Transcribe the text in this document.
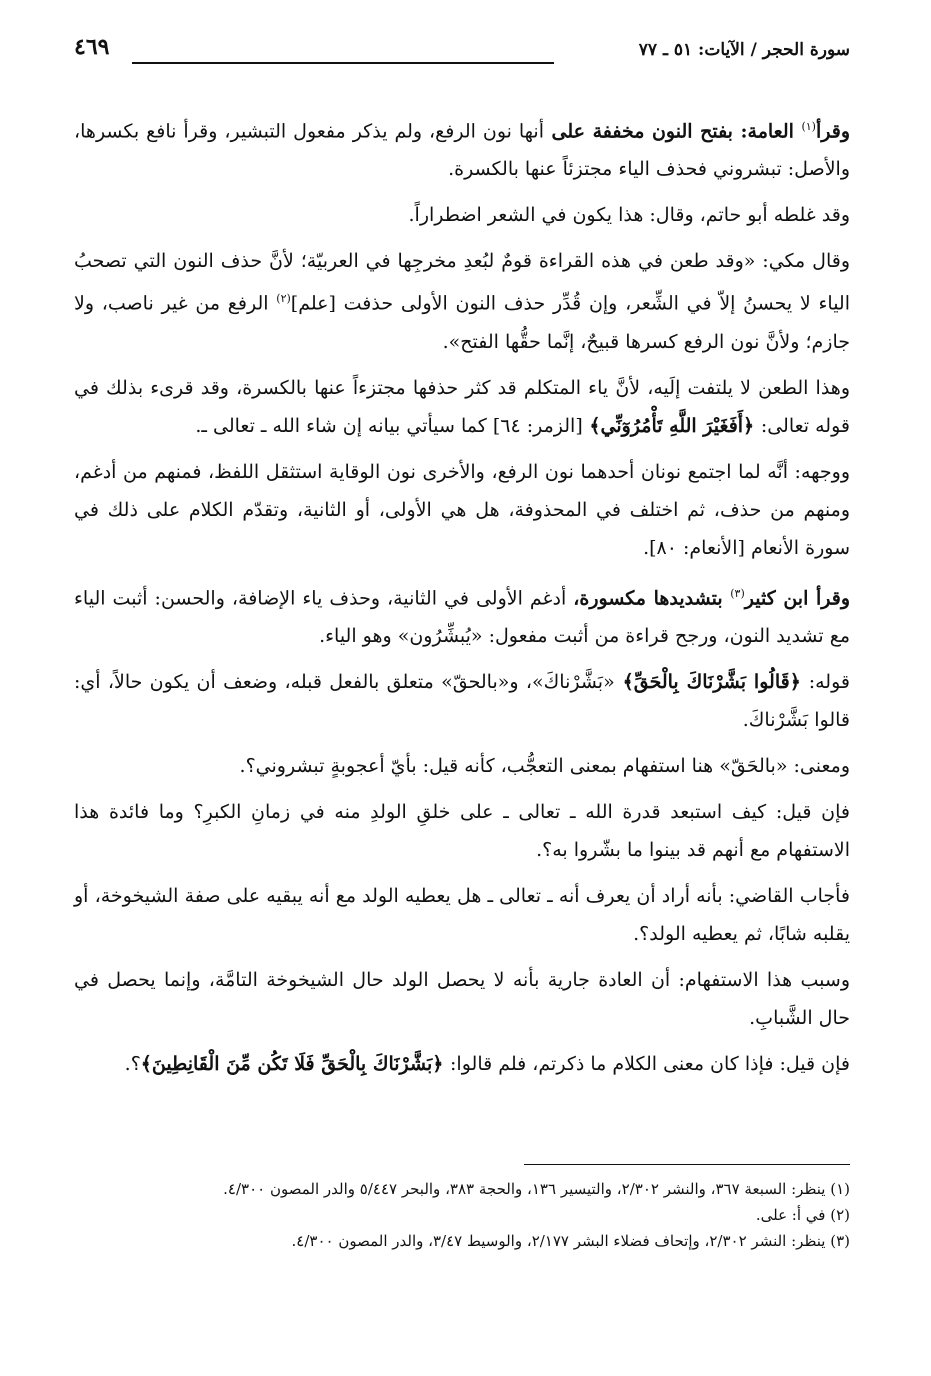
سورة الحجر / الآيات: ٥١ ـ ٧٧
٤٦٩

وقرأ$^{(١)}$ العامة: بفتح النون مخففة على أنها نون الرفع، ولم يذكر مفعول التبشير، وقرأ نافع بكسرها، والأصل: تبشروني فحذف الياء مجتزئاً عنها بالكسرة.

وقد غلطه أبو حاتم، وقال: هذا يكون في الشعر اضطراراً.

وقال مكي: «وقد طعن في هذه القراءة قومٌ لبُعدِ مخرجِها في العربيّة؛ لأنَّ حذف النون التي تصحبُ الياء لا يحسنُ إلاّ في الشِّعر، وإن قُدِّر حذف النون الأولى حذفت [علم]$^{(٢)}$ الرفع من غير ناصب، ولا جازم؛ ولأنَّ نون الرفع كسرها قبيحٌ، إنَّما حقُّها الفتح».

وهذا الطعن لا يلتفت إلَيه، لأنَّ ياء المتكلم قد كثر حذفها مجتزءاً عنها بالكسرة، وقد قرىء بذلك في قوله تعالى: ﴿أَفَغَيْرَ اللَّهِ تَأْمُرُوٓنِّي﴾ [الزمر: ٦٤] كما سيأتي بيانه إن شاء الله ـ تعالى ـ.

ووجهه: أنَّه لما اجتمع نونان أحدهما نون الرفع، والأخرى نون الوقاية استثقل اللفظ، فمنهم من أدغم، ومنهم من حذف، ثم اختلف في المحذوفة، هل هي الأولى، أو الثانية، وتقدّم الكلام على ذلك في سورة الأنعام [الأنعام: ٨٠].

وقرأ ابن كثير$^{(٣)}$ بتشديدها مكسورة، أدغم الأولى في الثانية، وحذف ياء الإضافة، والحسن: أثبت الياء مع تشديد النون، ورجح قراءة من أثبت مفعول: «يُبشِّرُون» وهو الياء.

قوله: ﴿قَالُوا بَشَّرْنَاكَ بِالْحَقِّ﴾ «بَشَّرْناكَ»، و«بالحقّ» متعلق بالفعل قبله، وضعف أن يكون حالاً، أي: قالوا بَشَّرْناكَ.

ومعنى: «بالحَقّ» هنا استفهام بمعنى التعجُّب، كأنه قيل: بأيّ أعجوبةٍ تبشروني؟.

فإن قيل: كيف استبعد قدرة الله ـ تعالى ـ على خلقِ الولدِ منه في زمانِ الكبرِ؟ وما فائدة هذا الاستفهام مع أنهم قد بينوا ما بشّروا به؟.

فأجاب القاضي: بأنه أراد أن يعرف أنه ـ تعالى ـ هل يعطيه الولد مع أنه يبقيه على صفة الشيخوخة، أو يقلبه شابًا، ثم يعطيه الولد؟.

وسبب هذا الاستفهام: أن العادة جارية بأنه لا يحصل الولد حال الشيخوخة التامَّة، وإنما يحصل في حال الشَّبابِ.

فإن قيل: فإذا كان معنى الكلام ما ذكرتم، فلم قالوا: ﴿بَشَّرْنَاكَ بِالْحَقِّ فَلَا تَكُن مِّنَ الْقَانِطِينَ﴾؟.

(١) ينظر: السبعة ٣٦٧، والنشر ٢/٣٠٢، والتيسير ١٣٦، والحجة ٣٨٣، والبحر ٥/٤٤٧ والدر المصون ٤/٣٠٠.

(٢) في أ: على.

(٣) ينظر: النشر ٢/٣٠٢، وإتحاف فضلاء البشر ٢/١٧٧، والوسيط ٣/٤٧، والدر المصون ٤/٣٠٠.
